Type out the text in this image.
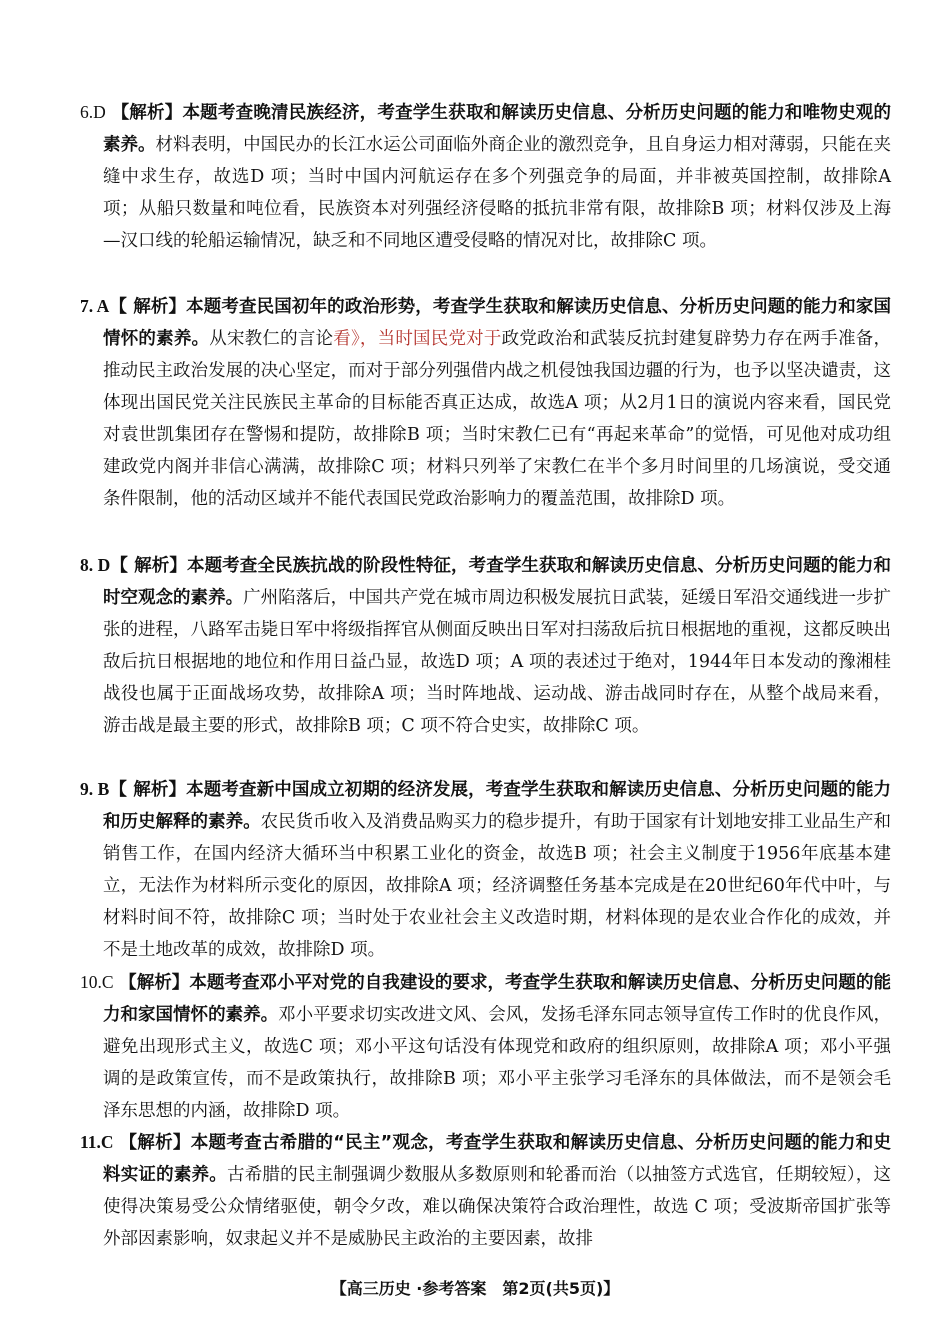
6.D 【解析】本题考查晚清民族经济，考查学生获取和解读历史信息、分析历史问题的能力和唯物史观的素养。材料表明，中国民办的长江水运公司面临外商企业的激烈竞争，且自身运力相对薄弱，只能在夹缝中求生存，故选D 项；当时中国内河航运存在多个列强竞争的局面，并非被英国控制，故排除A 项；从船只数量和吨位看，民族资本对列强经济侵略的抵抗非常有限，故排除B 项；材料仅涉及上海—汉口线的轮船运输情况，缺乏和不同地区遭受侵略的情况对比，故排除C 项。
7. A【 解析】本题考查民国初年的政治形势，考查学生获取和解读历史信息、分析历史问题的能力和家国情怀的素养。从宋教仁的言论看》，当时国民党对于政党政治和武装反抗封建复辟势力存在两手准备，推动民主政治发展的决心坚定，而对于部分列强借内战之机侵蚀我国边疆的行为，也予以坚决谴责，这体现出国民党关注民族民主革命的目标能否真正达成，故选A 项；从2月1日的演说内容来看，国民党对袁世凯集团存在警惕和提防，故排除B 项；当时宋教仁已有“再起来革命”的觉悟，可见他对成功组建政党内阁并非信心满满，故排除C 项；材料只列举了宋教仁在半个多月时间里的几场演说，受交通条件限制，他的活动区域并不能代表国民党政治影响力的覆盖范围，故排除D 项。
8. D【 解析】本题考查全民族抗战的阶段性特征，考查学生获取和解读历史信息、分析历史问题的能力和时空观念的素养。广州陷落后，中国共产党在城市周边积极发展抗日武装，延缓日军沿交通线进一步扩张的进程，八路军击毙日军中将级指挥官从侧面反映出日军对扫荡敌后抗日根据地的重视，这都反映出敌后抗日根据地的地位和作用日益凸显，故选D 项；A 项的表述过于绝对，1944年日本发动的豫湘桂战役也属于正面战场攻势，故排除A 项；当时阵地战、运动战、游击战同时存在，从整个战局来看，游击战是最主要的形式，故排除B 项；C 项不符合史实，故排除C 项。
9. B【 解析】本题考查新中国成立初期的经济发展，考查学生获取和解读历史信息、分析历史问题的能力和历史解释的素养。农民货币收入及消费品购买力的稳步提升，有助于国家有计划地安排工业品生产和销售工作，在国内经济大循环当中积累工业化的资金，故选B 项；社会主义制度于1956年底基本建立，无法作为材料所示变化的原因，故排除A 项；经济调整任务基本完成是在20世纪60年代中叶，与材料时间不符，故排除C 项；当时处于农业社会主义改造时期，材料体现的是农业合作化的成效，并不是土地改革的成效，故排除D 项。
10.C 【解析】本题考查邓小平对党的自我建设的要求，考查学生获取和解读历史信息、分析历史问题的能力和家国情怀的素养。邓小平要求切实改进文风、会风，发扬毛泽东同志领导宣传工作时的优良作风，避免出现形式主义，故选C 项；邓小平这句话没有体现党和政府的组织原则，故排除A 项；邓小平强调的是政策宣传，而不是政策执行，故排除B 项；邓小平主张学习毛泽东的具体做法，而不是领会毛泽东思想的内涵，故排除D 项。
11.C 【解析】本题考查古希腊的“民主”观念，考查学生获取和解读历史信息、分析历史问题的能力和史料实证的素养。古希腊的民主制强调少数服从多数原则和轮番而治（以抽签方式选官，任期较短），这使得决策易受公众情绪驱使，朝令夕改，难以确保决策符合政治理性，故选 C 项；受波斯帝国扩张等外部因素影响，奴隶起义并不是威胁民主政治的主要因素，故排
【高三历史 ·参考答案　第2页(共5页)】
